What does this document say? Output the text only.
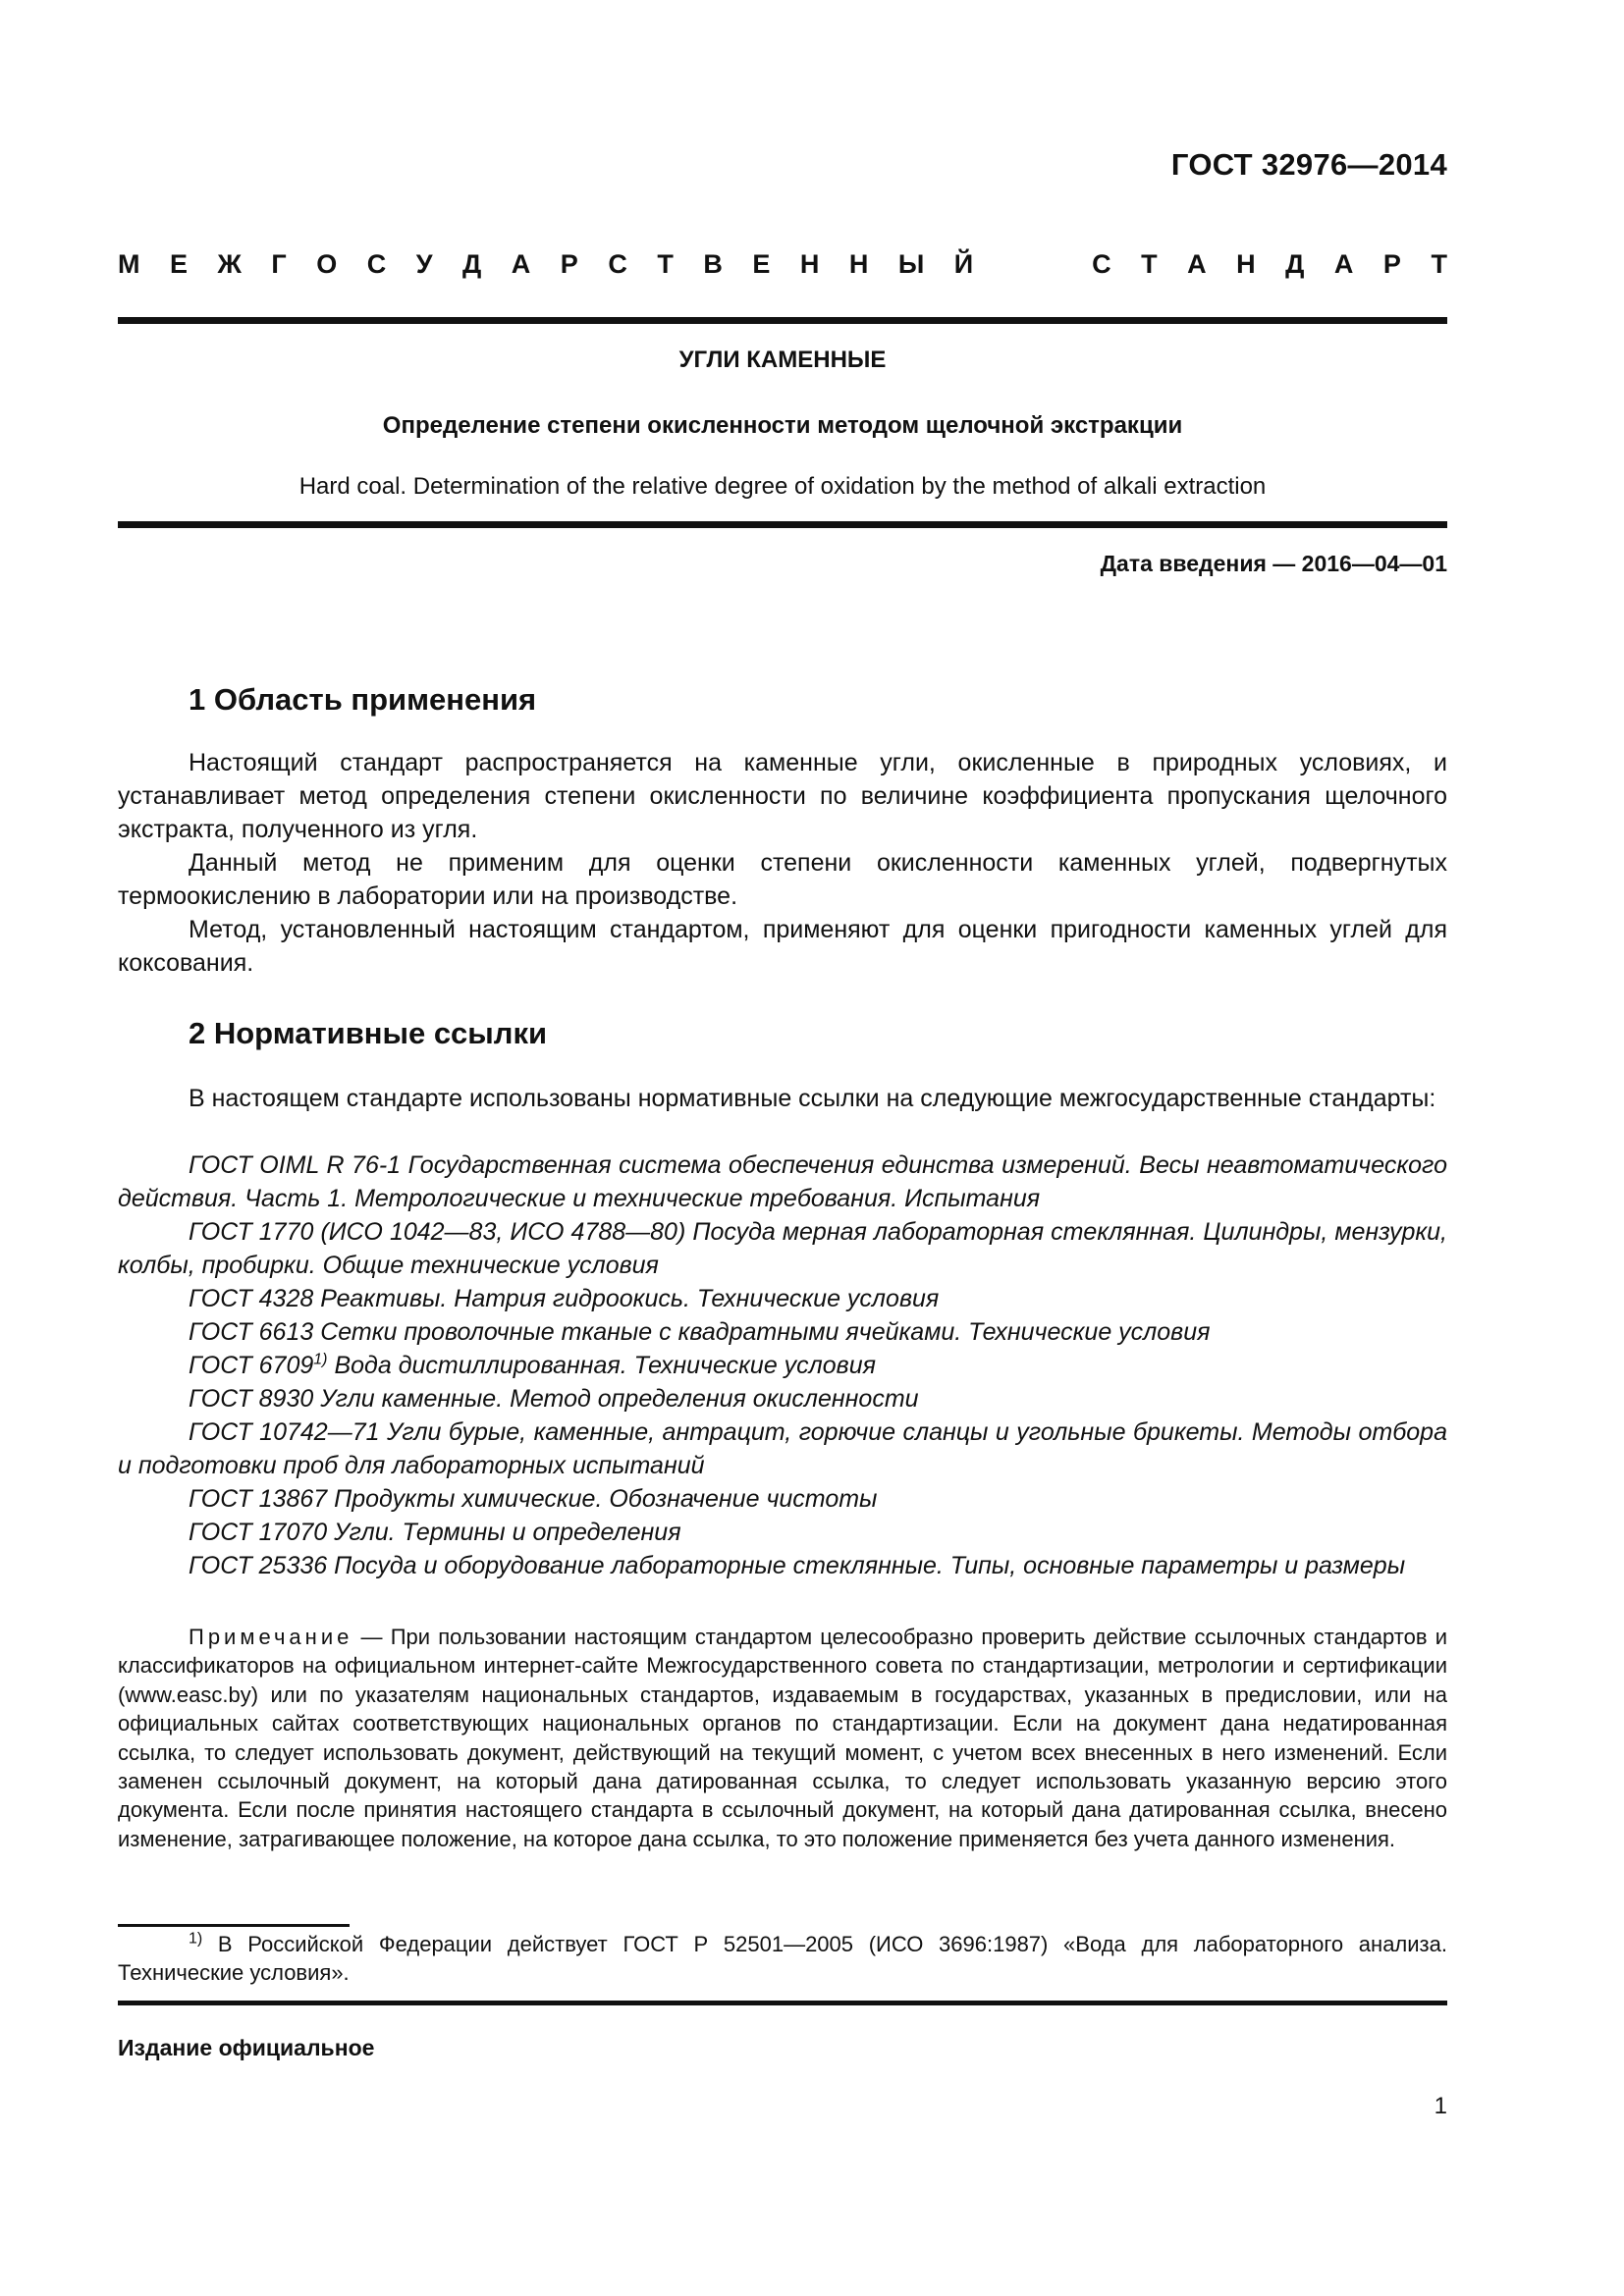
ГОСТ 32976—2014

М Е Ж Г О С У Д А Р С Т В Е Н Н Ы Й	С Т А Н Д А Р Т

УГЛИ КАМЕННЫЕ

Определение степени окисленности методом щелочной экстракции

Hard coal. Determination of the relative degree of oxidation by the method of alkali extraction

Дата введения — 2016—04—01

1 Область применения

Настоящий стандарт распространяется на каменные угли, окисленные в природных условиях, и устанавливает метод определения степени окисленности по величине коэффициента пропускания щелочного экстракта, полученного из угля.

Данный метод не применим для оценки степени окисленности каменных углей, подвергнутых термоокислению в лаборатории или на производстве.

Метод, установленный настоящим стандартом, применяют для оценки пригодности каменных углей для коксования.

2 Нормативные ссылки

В настоящем стандарте использованы нормативные ссылки на следующие межгосударственные стандарты:

ГОСТ OIML R 76-1 Государственная система обеспечения единства измерений. Весы неавтоматического действия. Часть 1. Метрологические и технические требования. Испытания
ГОСТ 1770 (ИСО 1042—83, ИСО 4788—80) Посуда мерная лабораторная стеклянная. Цилиндры, мензурки, колбы, пробирки. Общие технические условия
ГОСТ 4328 Реактивы. Натрия гидроокись. Технические условия
ГОСТ 6613 Сетки проволочные тканые с квадратными ячейками. Технические условия
ГОСТ 6709$^{1)}$ Вода дистиллированная. Технические условия
ГОСТ 8930 Угли каменные. Метод определения окисленности
ГОСТ 10742—71 Угли бурые, каменные, антрацит, горючие сланцы и угольные брикеты. Методы отбора и подготовки проб для лабораторных испытаний
ГОСТ 13867 Продукты химические. Обозначение чистоты
ГОСТ 17070 Угли. Термины и определения
ГОСТ 25336 Посуда и оборудование лабораторные стеклянные. Типы, основные параметры и размеры

Примечание — При пользовании настоящим стандартом целесообразно проверить действие ссылочных стандартов и классификаторов на официальном интернет-сайте Межгосударственного совета по стандартизации, метрологии и сертификации (www.easc.by) или по указателям национальных стандартов, издаваемым в государствах, указанных в предисловии, или на официальных сайтах соответствующих национальных органов по стандартизации. Если на документ дана недатированная ссылка, то следует использовать документ, действующий на текущий момент, с учетом всех внесенных в него изменений. Если заменен ссылочный документ, на который дана датированная ссылка, то следует использовать указанную версию этого документа. Если после принятия настоящего стандарта в ссылочный документ, на который дана датированная ссылка, внесено изменение, затрагивающее положение, на которое дана ссылка, то это положение применяется без учета данного изменения.

$^{1)}$ В Российской Федерации действует ГОСТ Р 52501—2005 (ИСО 3696:1987) «Вода для лабораторного анализа. Технические условия».

Издание официальное

1
